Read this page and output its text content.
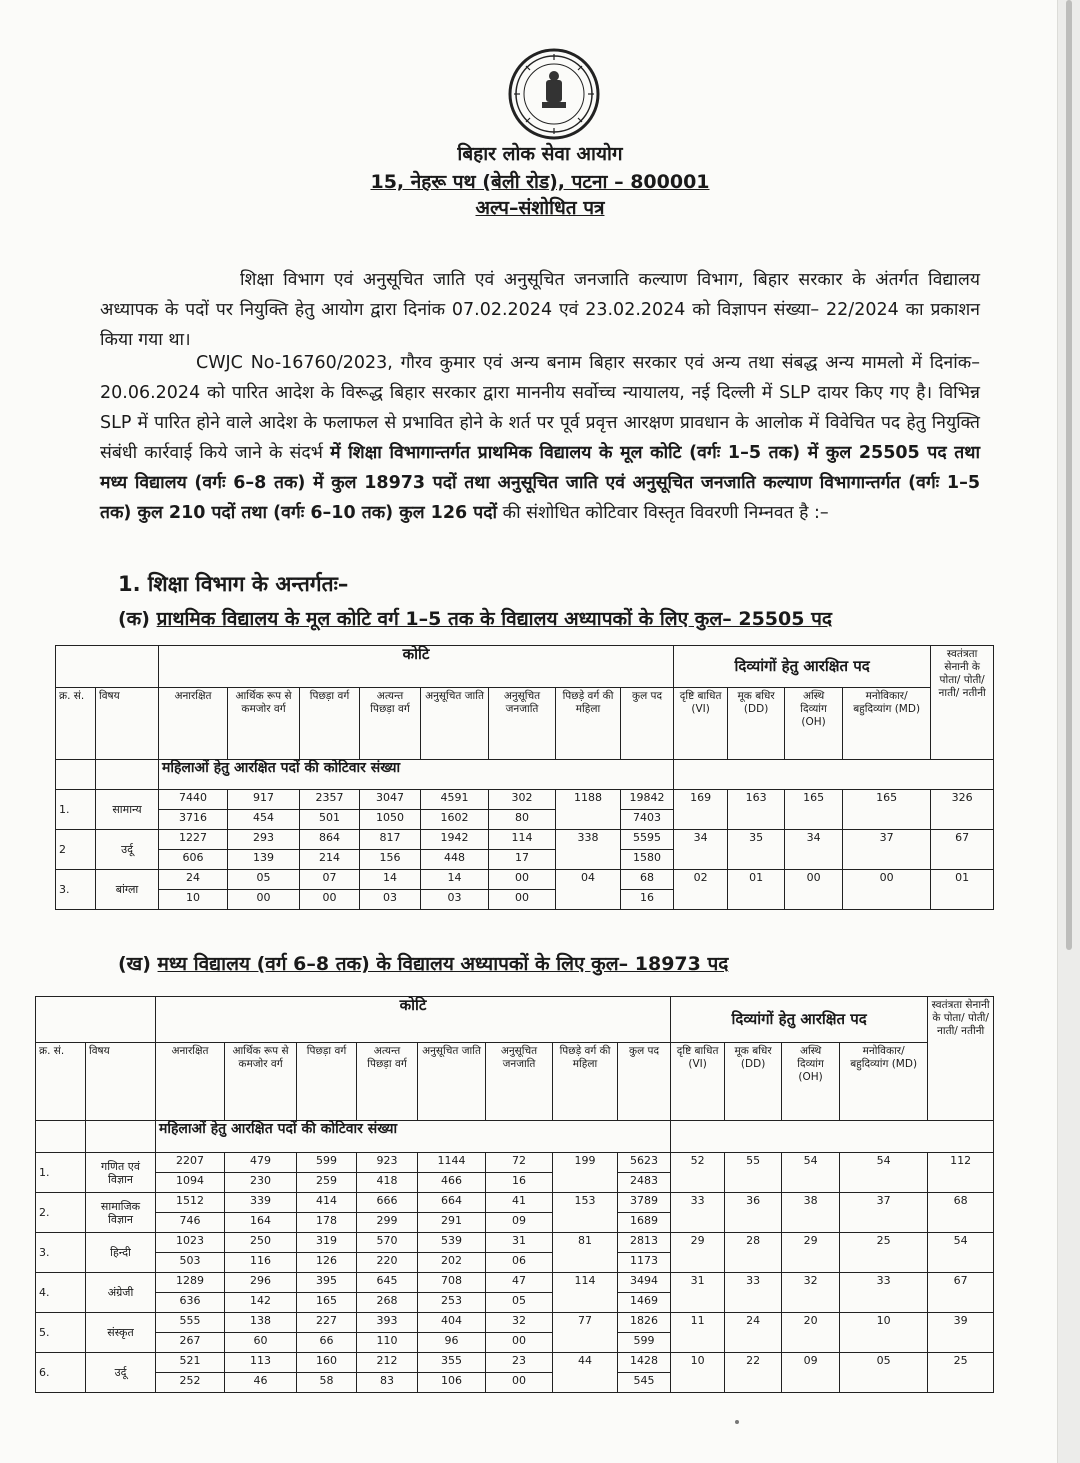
बिहार लोक सेवा आयोग
15, नेहरू पथ (बेली रोड), पटना – 800001
अल्प–संशोधित पत्र
शिक्षा विभाग एवं अनुसूचित जाति एवं अनुसूचित जनजाति कल्याण विभाग, बिहार सरकार के अंतर्गत विद्यालय अध्यापक के पदों पर नियुक्ति हेतु आयोग द्वारा दिनांक 07.02.2024 एवं 23.02.2024 को विज्ञापन संख्या– 22/2024 का प्रकाशन किया गया था।
CWJC No-16760/2023, गौरव कुमार एवं अन्य बनाम बिहार सरकार एवं अन्य तथा संबद्ध अन्य मामलो में दिनांक–20.06.2024 को पारित आदेश के विरूद्ध बिहार सरकार द्वारा माननीय सर्वोच्च न्यायालय, नई दिल्ली में SLP दायर किए गए है। विभिन्न SLP में पारित होने वाले आदेश के फलाफल से प्रभावित होने के शर्त पर पूर्व प्रवृत्त आरक्षण प्रावधान के आलोक में विवेचित पद हेतु नियुक्ति संबंधी कार्रवाई किये जाने के संदर्भ में शिक्षा विभागान्तर्गत प्राथमिक विद्यालय के मूल कोटि (वर्गः 1–5 तक) में कुल 25505 पद तथा मध्य विद्यालय (वर्गः 6–8 तक) में कुल 18973 पदों तथा अनुसूचित जाति एवं अनुसूचित जनजाति कल्याण विभागान्तर्गत (वर्गः 1–5 तक) कुल 210 पदों तथा (वर्गः 6–10 तक) कुल 126 पदों की संशोधित कोटिवार विस्तृत विवरणी निम्नवत है :–
1. शिक्षा विभाग के अन्तर्गतः–
(क) प्राथमिक विद्यालय के मूल कोटि वर्ग 1–5 तक के विद्यालय अध्यापकों के लिए कुल– 25505 पद
(ख) मध्य विद्यालय (वर्ग 6–8 तक) के विद्यालय अध्यापकों के लिए कुल– 18973 पद
		कोटि								दिव्यांगों हेतु आरक्षित पद				स्वतंत्रता सेनानी के पोता/ पोती/ नाती/ नतीनी
क्र. सं.	विषय	अनारक्षित	आर्थिक रूप से कमजोर वर्ग	पिछड़ा वर्ग	अत्यन्त पिछड़ा वर्ग	अनुसूचित जाति	अनुसूचित जनजाति	पिछड़े वर्ग की महिला	कुल पद	दृष्टि बाधित (VI)	मूक बधिर (DD)	अस्थि दिव्यांग (OH)	मनोविकार/ बहुदिव्यांग (MD)	
		महिलाओं हेतु आरक्षित पदों की कोटिवार संख्या												
1.	सामान्य	7440	917	2357	3047	4591	302	1188	19842	169	163	165	165	326
		3716	454	501	1050	1602	80		7403					
2	उर्दू	1227	293	864	817	1942	114	338	5595	34	35	34	37	67
		606	139	214	156	448	17		1580					
3.	बांग्ला	24	05	07	14	14	00	04	68	02	01	00	00	01
		10	00	00	03	03	00		16					
		कोटि								दिव्यांगों हेतु आरक्षित पद				स्वतंत्रता सेनानी के पोता/ पोती/ नाती/ नतीनी
क्र. सं.	विषय	अनारक्षित	आर्थिक रूप से कमजोर वर्ग	पिछड़ा वर्ग	अत्यन्त पिछड़ा वर्ग	अनुसूचित जाति	अनुसूचित जनजाति	पिछड़े वर्ग की महिला	कुल पद	दृष्टि बाधित (VI)	मूक बधिर (DD)	अस्थि दिव्यांग (OH)	मनोविकार/ बहुदिव्यांग (MD)	
		महिलाओं हेतु आरक्षित पदों की कोटिवार संख्या												
1.	गणित एवं विज्ञान	2207	479	599	923	1144	72	199	5623	52	55	54	54	112
		1094	230	259	418	466	16		2483					
2.	सामाजिक विज्ञान	1512	339	414	666	664	41	153	3789	33	36	38	37	68
		746	164	178	299	291	09		1689					
3.	हिन्दी	1023	250	319	570	539	31	81	2813	29	28	29	25	54
		503	116	126	220	202	06		1173					
4.	अंग्रेजी	1289	296	395	645	708	47	114	3494	31	33	32	33	67
		636	142	165	268	253	05		1469					
5.	संस्कृत	555	138	227	393	404	32	77	1826	11	24	20	10	39
		267	60	66	110	96	00		599					
6.	उर्दू	521	113	160	212	355	23	44	1428	10	22	09	05	25
		252	46	58	83	106	00		545					
